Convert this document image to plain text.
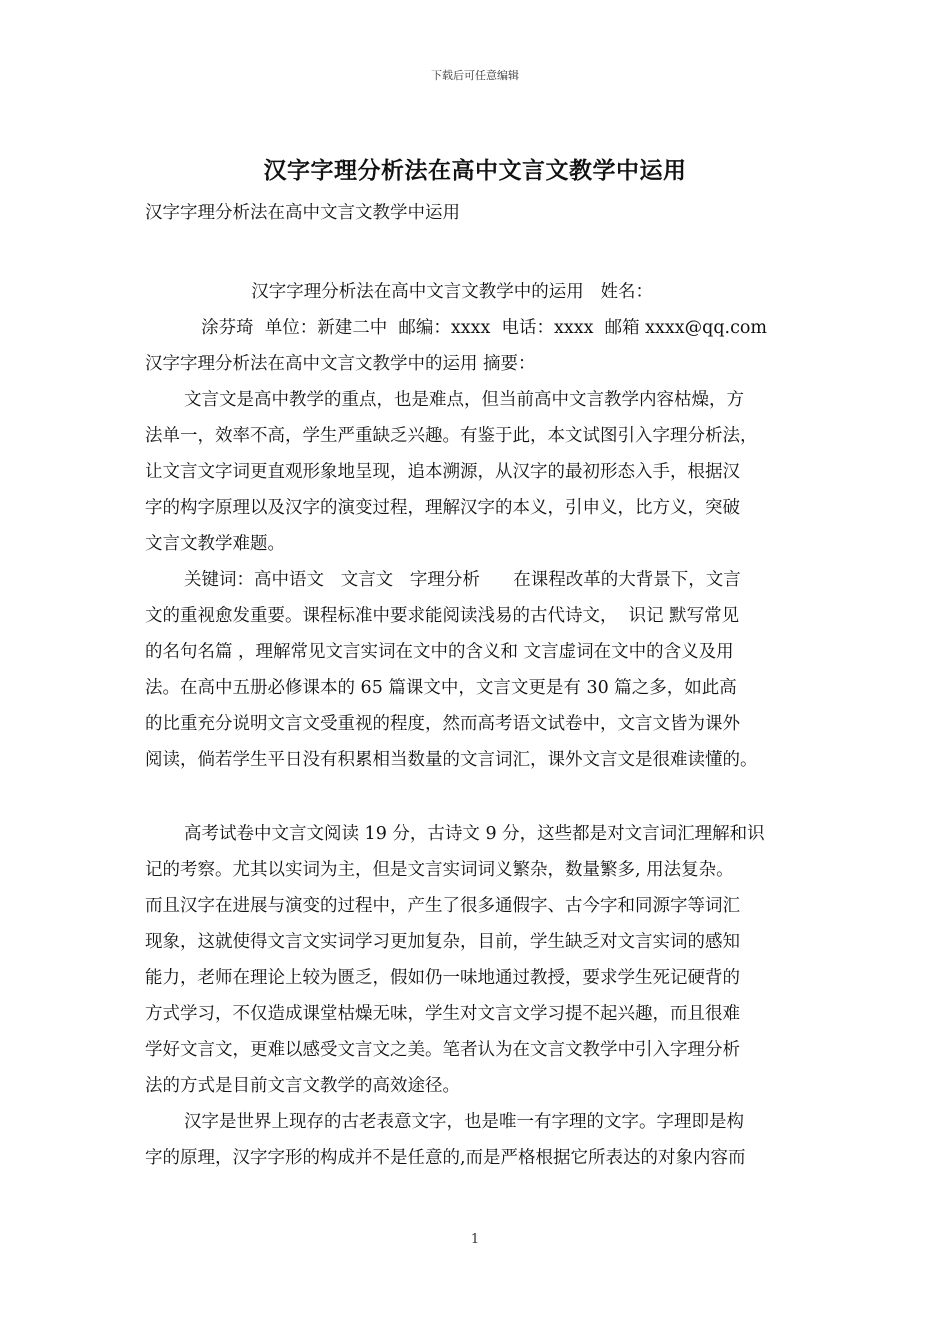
下载后可任意编辑
汉字字理分析法在高中文言文教学中运用
汉字字理分析法在高中文言文教学中运用
汉字字理分析法在高中文言文教学中的运用   姓名：
涂芬琦  单位：新建二中  邮编：xxxx  电话：xxxx  邮箱 xxxx@qq.com
汉字字理分析法在高中文言文教学中的运用 摘要：
文言文是高中教学的重点，也是难点，但当前高中文言教学内容枯燥，方
法单一，效率不高，学生严重缺乏兴趣。有鉴于此，本文试图引入字理分析法，
让文言文字词更直观形象地呈现，追本溯源，从汉字的最初形态入手，根据汉
字的构字原理以及汉字的演变过程，理解汉字的本义，引申义，比方义，突破
文言文教学难题。
关键词：高中语文   文言文   字理分析      在课程改革的大背景下，文言
文的重视愈发重要。课程标准中要求能阅读浅易的古代诗文，  识记 默写常见
的名句名篇 ，理解常见文言实词在文中的含义和 文言虚词在文中的含义及用
法。在高中五册必修课本的 65 篇课文中，文言文更是有 30 篇之多，如此高
的比重充分说明文言文受重视的程度，然而高考语文试卷中，文言文皆为课外
阅读，倘若学生平日没有积累相当数量的文言词汇，课外文言文是很难读懂的。
高考试卷中文言文阅读 19 分，古诗文 9 分，这些都是对文言词汇理解和识
记的考察。尤其以实词为主，但是文言实词词义繁杂，数量繁多, 用法复杂。
而且汉字在进展与演变的过程中，产生了很多通假字、古今字和同源字等词汇
现象，这就使得文言文实词学习更加复杂，目前，学生缺乏对文言实词的感知
能力，老师在理论上较为匮乏，假如仍一味地通过教授，要求学生死记硬背的
方式学习，不仅造成课堂枯燥无味，学生对文言文学习提不起兴趣，而且很难
学好文言文，更难以感受文言文之美。笔者认为在文言文教学中引入字理分析
法的方式是目前文言文教学的高效途径。
汉字是世界上现存的古老表意文字，也是唯一有字理的文字。字理即是构
字的原理，汉字字形的构成并不是任意的,而是严格根据它所表达的对象内容而
1
